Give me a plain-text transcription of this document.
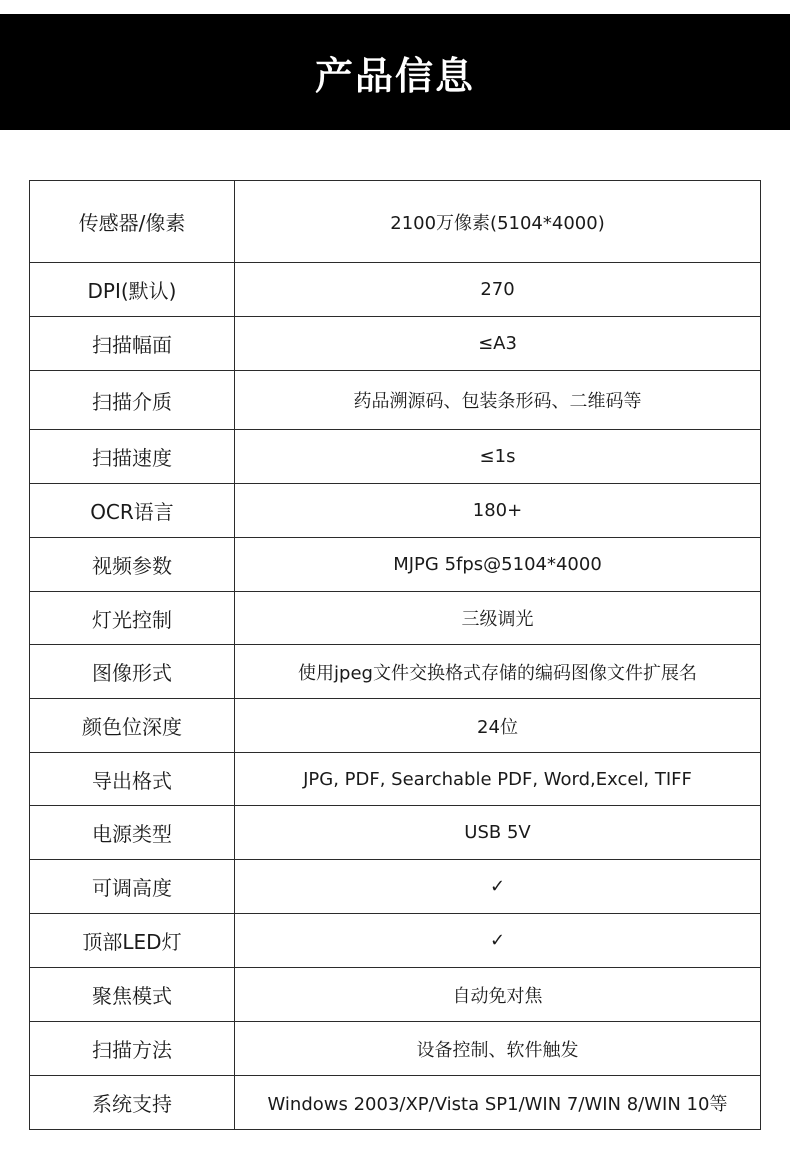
产品信息
传感器/像素	2100万像素(5104*4000)
DPI(默认)	270
扫描幅面	≤A3
扫描介质	药品溯源码、包装条形码、二维码等
扫描速度	≤1s
OCR语言	180+
视频参数	MJPG 5fps@5104*4000
灯光控制	三级调光
图像形式	使用jpeg文件交换格式存储的编码图像文件扩展名
颜色位深度	24位
导出格式	JPG, PDF, Searchable PDF, Word,Excel, TIFF
电源类型	USB 5V
可调高度	✓
顶部LED灯	✓
聚焦模式	自动免对焦
扫描方法	设备控制、软件触发
系统支持	Windows 2003/XP/Vista SP1/WIN 7/WIN 8/WIN 10等
